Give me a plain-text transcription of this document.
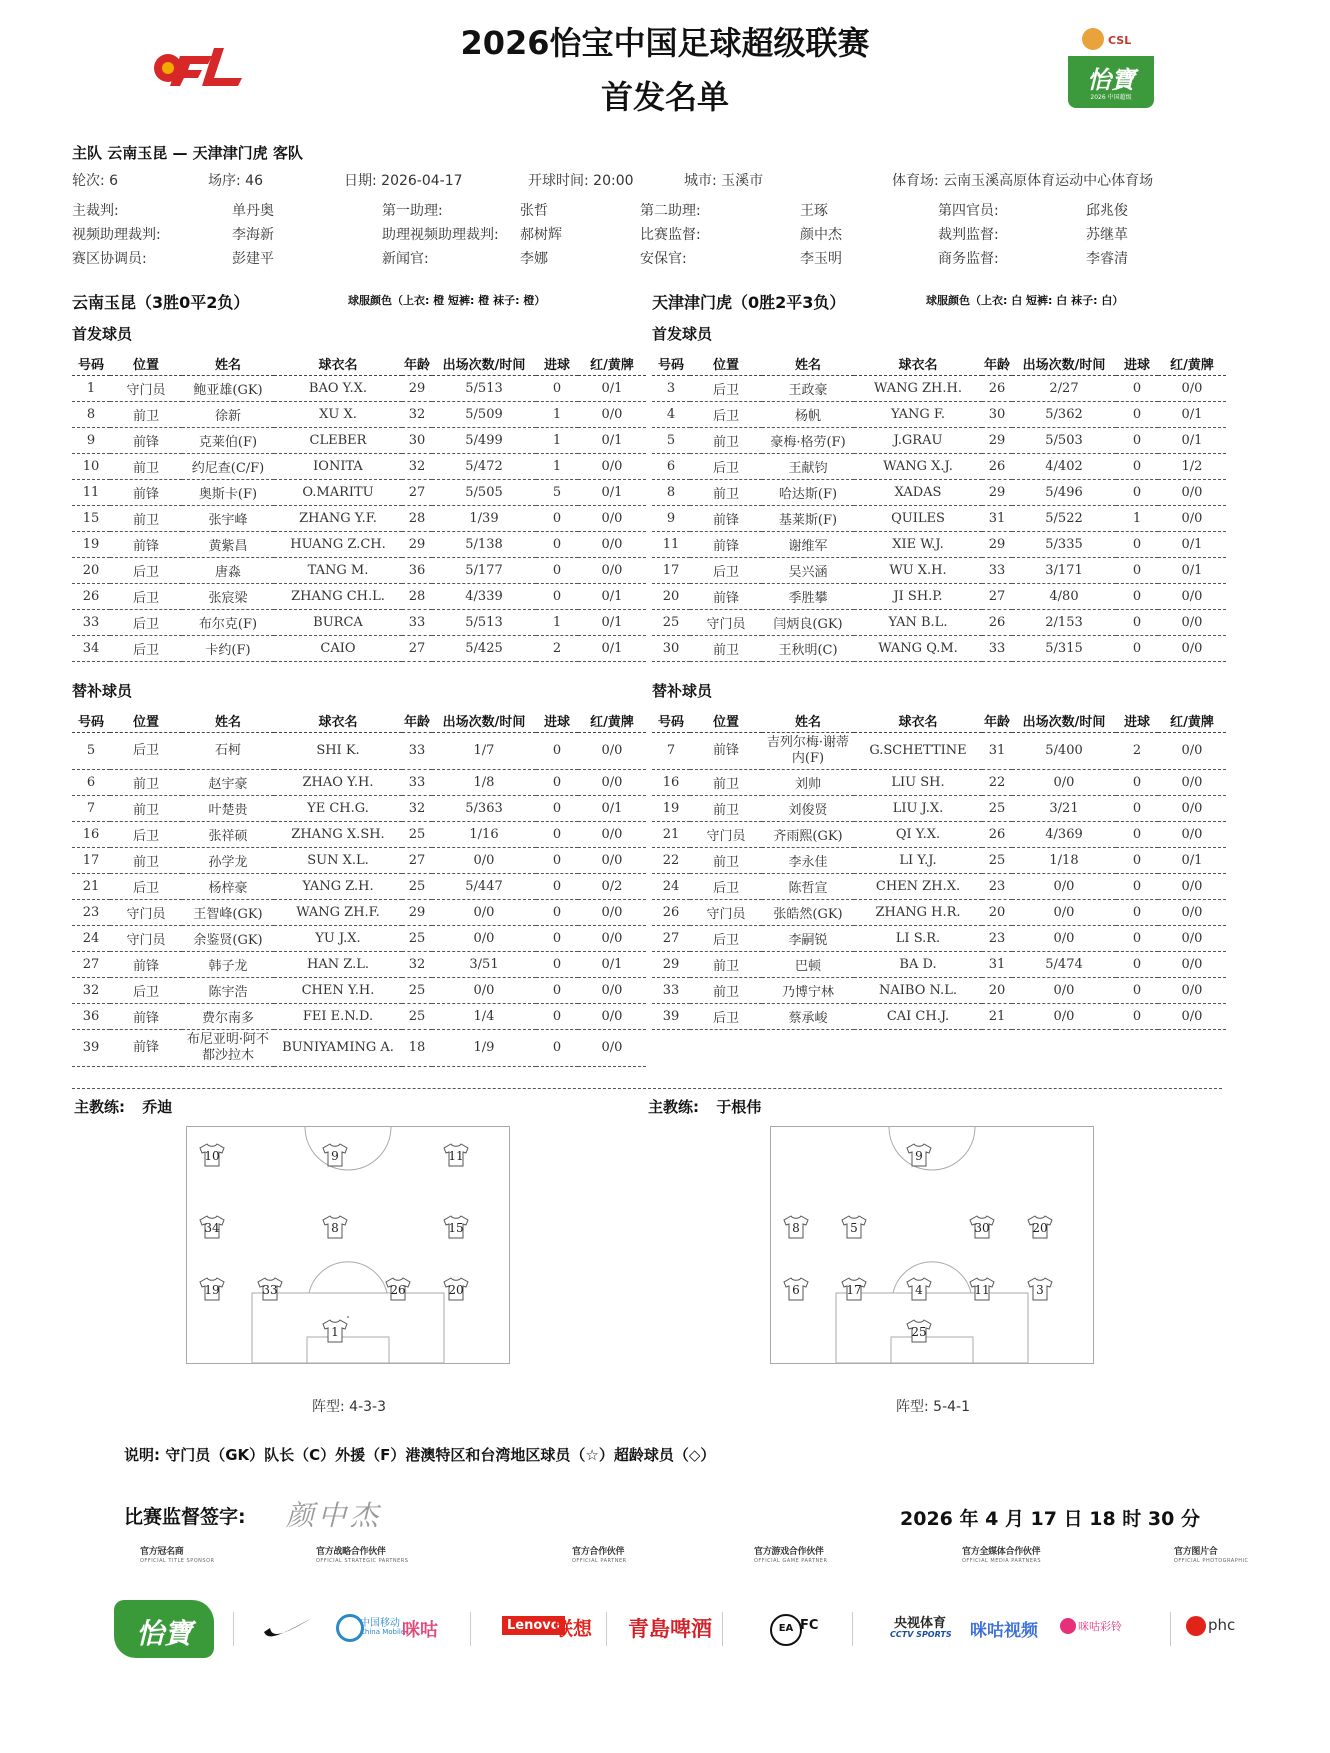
CFL	2026怡宝中国足球超级联赛
首发名单
CSL
怡寶
2026 中国超级
主队 云南玉昆 — 天津津门虎 客队
轮次: 6	场序: 46	日期: 2026-04-17	开球时间: 20:00	城市: 玉溪市	体育场: 云南玉溪高原体育运动中心体育场
主裁判:	单丹奥	第一助理:	张哲	第二助理:	王琢	第四官员:	邱兆俊
视频助理裁判:	李海新	助理视频助理裁判: 郝树辉	比赛监督:	颜中杰	裁判监督:	苏继革
赛区协调员:	彭建平	新闻官:	李娜	安保官:	李玉明	商务监督:	李睿清
云南玉昆（3胜0平2负）	球服颜色（上衣: 橙 短裤: 橙 袜子: 橙）	天津津门虎（0胜2平3负）	球服颜色（上衣: 白 短裤: 白 袜子: 白）
首发球员	首发球员
号码	位置	姓名	球衣名	年龄	出场次数/时间	进球	红/黄牌
1	守门员	鲍亚雄(GK)	BAO Y.X.	29	5/513	0	0/1
8	前卫	徐新	XU X.	32	5/509	1	0/0
9	前锋	克莱伯(F)	CLEBER	30	5/499	1	0/1
10	前卫	约尼查(C/F)	IONITA	32	5/472	1	0/0
11	前锋	奥斯卡(F)	O.MARITU	27	5/505	5	0/1
15	前卫	张宇峰	ZHANG Y.F.	28	1/39	0	0/0
19	前锋	黄紫昌	HUANG Z.CH.	29	5/138	0	0/0
20	后卫	唐淼	TANG M.	36	5/177	0	0/0
26	后卫	张宸梁	ZHANG CH.L.	28	4/339	0	0/1
33	后卫	布尔克(F)	BURCA	33	5/513	1	0/1
34	后卫	卡约(F)	CAIO	27	5/425	2	0/1
号码	位置	姓名	球衣名	年龄	出场次数/时间	进球	红/黄牌
3	后卫	王政豪	WANG ZH.H.	26	2/27	0	0/0
4	后卫	杨帆	YANG F.	30	5/362	0	0/1
5	前卫	豪梅·格劳(F)	J.GRAU	29	5/503	0	0/1
6	后卫	王献钧	WANG X.J.	26	4/402	0	1/2
8	前卫	哈达斯(F)	XADAS	29	5/496	0	0/0
9	前锋	基莱斯(F)	QUILES	31	5/522	1	0/0
11	前锋	谢维军	XIE W.J.	29	5/335	0	0/1
17	后卫	吴兴涵	WU X.H.	33	3/171	0	0/1
20	前锋	季胜攀	JI SH.P.	27	4/80	0	0/0
25	守门员	闫炳良(GK)	YAN B.L.	26	2/153	0	0/0
30	前卫	王秋明(C)	WANG Q.M.	33	5/315	0	0/0
替补球员	替补球员
号码	位置	姓名	球衣名	年龄	出场次数/时间	进球	红/黄牌
5	后卫	石柯	SHI K.	33	1/7	0	0/0
6	前卫	赵宇豪	ZHAO Y.H.	33	1/8	0	0/0
7	前卫	叶楚贵	YE CH.G.	32	5/363	0	0/1
16	后卫	张祥硕	ZHANG X.SH.	25	1/16	0	0/0
17	前卫	孙学龙	SUN X.L.	27	0/0	0	0/0
21	后卫	杨梓豪	YANG Z.H.	25	5/447	0	0/2
23	守门员	王智峰(GK)	WANG ZH.F.	29	0/0	0	0/0
24	守门员	余鉴贤(GK)	YU J.X.	25	0/0	0	0/0
27	前锋	韩子龙	HAN Z.L.	32	3/51	0	0/1
32	后卫	陈宇浩	CHEN Y.H.	25	0/0	0	0/0
36	前锋	费尔南多	FEI E.N.D.	25	1/4	0	0/0
39	前锋	布尼亚明·阿不都沙拉木	BUNIYAMING A.	18	1/9	0	0/0
号码	位置	姓名	球衣名	年龄	出场次数/时间	进球	红/黄牌
7	前锋	吉列尔梅·谢蒂内(F)	G.SCHETTINE	31	5/400	2	0/0
16	前卫	刘帅	LIU SH.	22	0/0	0	0/0
19	前卫	刘俊贤	LIU J.X.	25	3/21	0	0/0
21	守门员	齐雨熙(GK)	QI Y.X.	26	4/369	0	0/0
22	前卫	李永佳	LI Y.J.	25	1/18	0	0/1
24	后卫	陈哲宣	CHEN ZH.X.	23	0/0	0	0/0
26	守门员	张皓然(GK)	ZHANG H.R.	20	0/0	0	0/0
27	后卫	李嗣锐	LI S.R.	23	0/0	0	0/0
29	前卫	巴顿	BA D.	31	5/474	0	0/0
33	前卫	乃博宁林	NAIBO N.L.	20	0/0	0	0/0
39	后卫	蔡承峻	CAI CH.J.	21	0/0	0	0/0
主教练: 乔迪	主教练: 于根伟
10	9	11
34	8	15
19	33	26	20
1
9
8	5	30	20
6	17	4	11	3
25
阵型: 4-3-3	阵型: 5-4-1
说明: 守门员（GK）队长（C）外援（F）港澳特区和台湾地区球员（☆）超龄球员（◇）
比赛监督签字: 颜中杰	2026 年 4 月 17 日 18 时 30 分
官方冠名商
OFFICIAL TITLE SPONSOR
官方战略合作伙伴
OFFICIAL STRATEGIC PARTNERS
官方合作伙伴
OFFICIAL PARTNER
官方游戏合作伙伴
OFFICIAL GAME PARTNER
官方全媒体合作伙伴
OFFICIAL MEDIA PARTNERS
官方图片合
OFFICIAL PHOTOGRAPHIC
怡寶	中国移动
China Mobile
咪咕	Lenovo
联想 青島啤酒	EA FC	央视体育
CCTV SPORTS 咪咕视频	咪咕彩铃	phc
